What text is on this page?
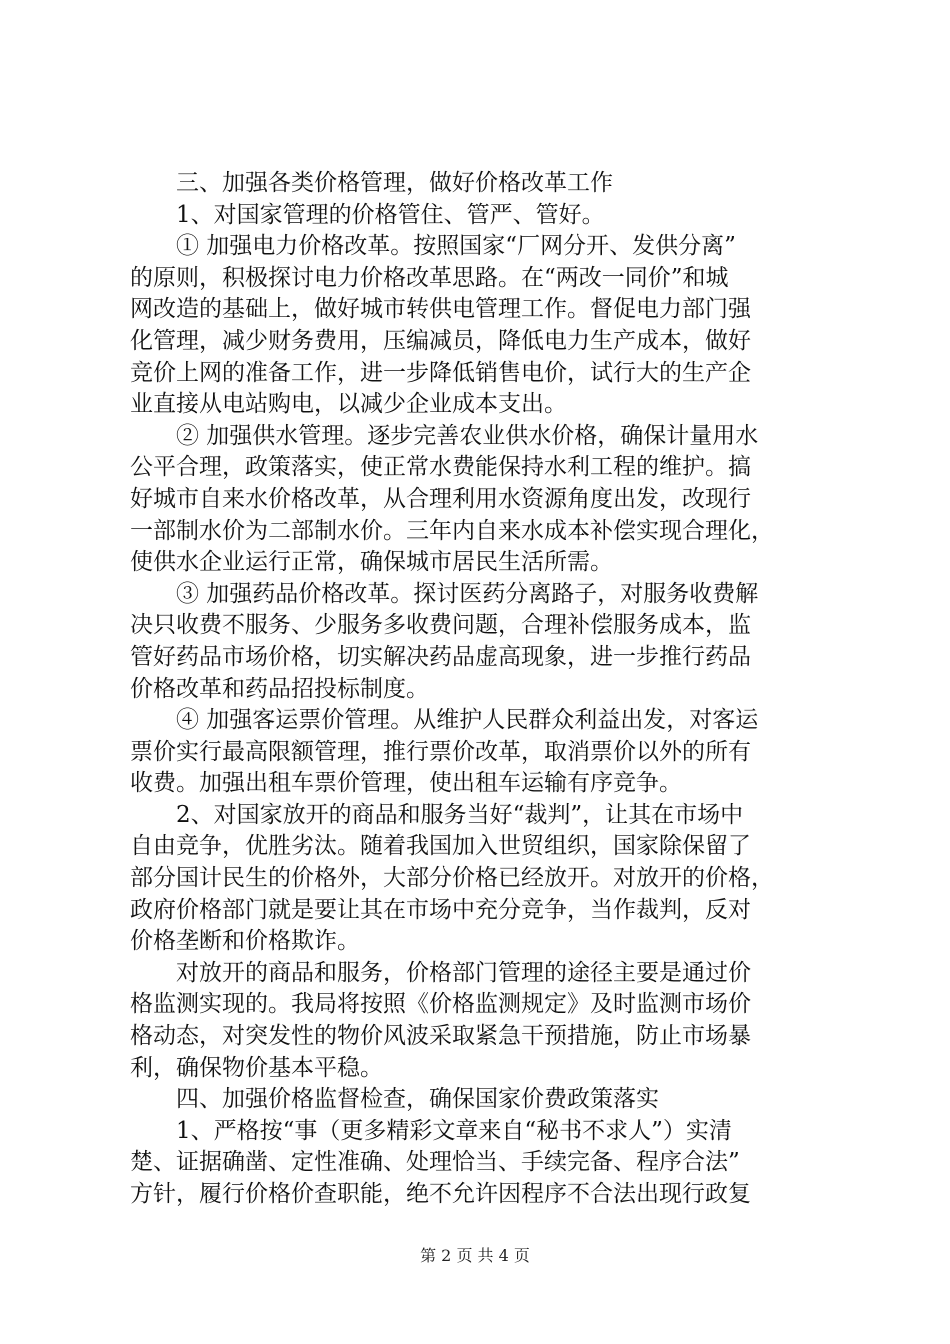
　　三、加强各类价格管理，做好价格改革工作
　　1、对国家管理的价格管住、管严、管好。
　　① 加强电力价格改革。按照国家“厂网分开、发供分离”
的原则，积极探讨电力价格改革思路。在“两改一同价”和城
网改造的基础上，做好城市转供电管理工作。督促电力部门强
化管理，减少财务费用，压编减员，降低电力生产成本，做好
竞价上网的准备工作，进一步降低销售电价，试行大的生产企
业直接从电站购电，以减少企业成本支出。
　　② 加强供水管理。逐步完善农业供水价格，确保计量用水
公平合理，政策落实，使正常水费能保持水利工程的维护。搞
好城市自来水价格改革，从合理利用水资源角度出发，改现行
一部制水价为二部制水价。三年内自来水成本补偿实现合理化，
使供水企业运行正常，确保城市居民生活所需。
　　③ 加强药品价格改革。探讨医药分离路子，对服务收费解
决只收费不服务、少服务多收费问题，合理补偿服务成本，监
管好药品市场价格，切实解决药品虚高现象，进一步推行药品
价格改革和药品招投标制度。
　　④ 加强客运票价管理。从维护人民群众利益出发，对客运
票价实行最高限额管理，推行票价改革，取消票价以外的所有
收费。加强出租车票价管理，使出租车运输有序竞争。
　　2、对国家放开的商品和服务当好“裁判”，让其在市场中
自由竞争，优胜劣汰。随着我国加入世贸组织，国家除保留了
部分国计民生的价格外，大部分价格已经放开。对放开的价格，
政府价格部门就是要让其在市场中充分竞争，当作裁判，反对
价格垄断和价格欺诈。
　　对放开的商品和服务，价格部门管理的途径主要是通过价
格监测实现的。我局将按照《价格监测规定》及时监测市场价
格动态，对突发性的物价风波采取紧急干预措施，防止市场暴
利，确保物价基本平稳。
　　四、加强价格监督检查，确保国家价费政策落实
　　1、严格按“事（更多精彩文章来自“秘书不求人”）实清
楚、证据确凿、定性准确、处理恰当、手续完备、程序合法”
方针，履行价格价查职能，绝不允许因程序不合法出现行政复
第 2 页 共 4 页
